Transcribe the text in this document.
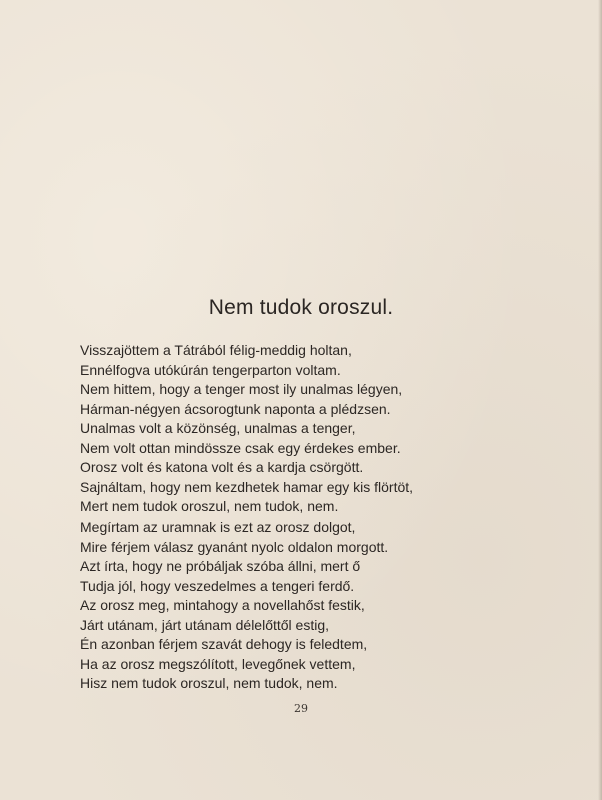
Nem tudok oroszul.
Visszajöttem a Tátrából félig-meddig holtan,
Ennélfogva utókúrán tengerparton voltam.
Nem hittem, hogy a tenger most ily unalmas légyen,
Hárman-négyen ácsorogtunk naponta a plédzsen.
Unalmas volt a közönség, unalmas a tenger,
Nem volt ottan mindössze csak egy érdekes ember.
Orosz volt és katona volt és a kardja csörgött.
Sajnáltam, hogy nem kezdhetek hamar egy kis flörtöt,
Mert nem tudok oroszul, nem tudok, nem.
Megírtam az uramnak is ezt az orosz dolgot,
Mire férjem válasz gyanánt nyolc oldalon morgott.
Azt írta, hogy ne próbáljak szóba állni, mert ő
Tudja jól, hogy veszedelmes a tengeri ferdő.
Az orosz meg, mintahogy a novellahőst festik,
Járt utánam, járt utánam délelőttől estig,
Én azonban férjem szavát dehogy is feledtem,
Ha az orosz megszólított, levegőnek vettem,
Hisz nem tudok oroszul, nem tudok, nem.
29
